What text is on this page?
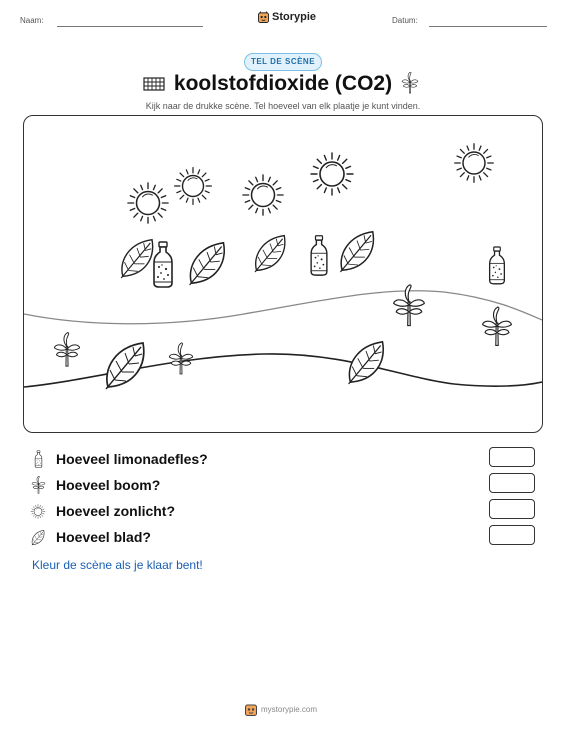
Naam:	Storypie	Datum:
TEL DE SCÈNE
koolstofdioxide (CO2)
Kijk naar de drukke scène. Tel hoeveel van elk plaatje je kunt vinden.
Hoeveel limonadefles?
Hoeveel boom?
Hoeveel zonlicht?
Hoeveel blad?
Kleur de scène als je klaar bent!
mystorypie.com
